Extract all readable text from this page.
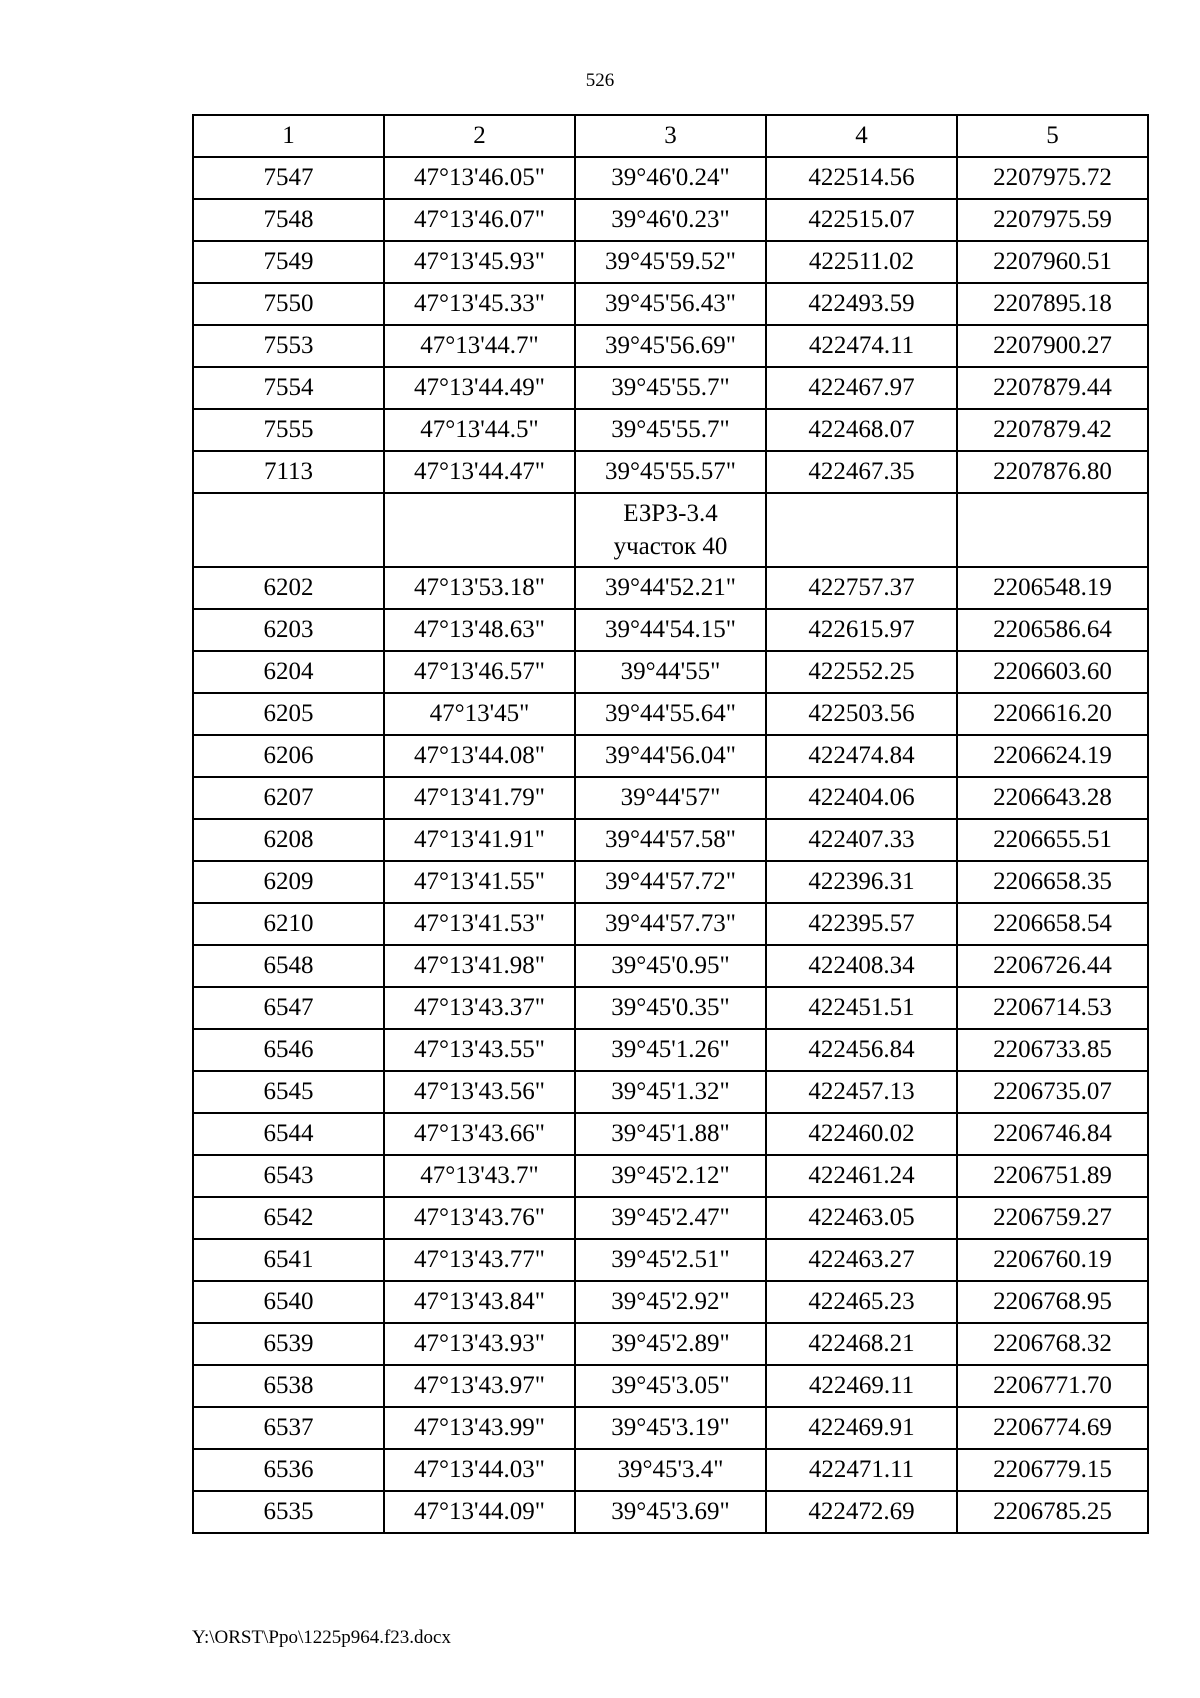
526
1	2	3	4	5
7547	47°13'46.05"	39°46'0.24"	422514.56	2207975.72
7548	47°13'46.07"	39°46'0.23"	422515.07	2207975.59
7549	47°13'45.93"	39°45'59.52"	422511.02	2207960.51
7550	47°13'45.33"	39°45'56.43"	422493.59	2207895.18
7553	47°13'44.7"	39°45'56.69"	422474.11	2207900.27
7554	47°13'44.49"	39°45'55.7"	422467.97	2207879.44
7555	47°13'44.5"	39°45'55.7"	422468.07	2207879.42
7113	47°13'44.47"	39°45'55.57"	422467.35	2207876.80

		ЕЗРЗ-3.4
участок 40		

6202	47°13'53.18"	39°44'52.21"	422757.37	2206548.19
6203	47°13'48.63"	39°44'54.15"	422615.97	2206586.64
6204	47°13'46.57"	39°44'55"	422552.25	2206603.60
6205	47°13'45"	39°44'55.64"	422503.56	2206616.20
6206	47°13'44.08"	39°44'56.04"	422474.84	2206624.19
6207	47°13'41.79"	39°44'57"	422404.06	2206643.28
6208	47°13'41.91"	39°44'57.58"	422407.33	2206655.51
6209	47°13'41.55"	39°44'57.72"	422396.31	2206658.35
6210	47°13'41.53"	39°44'57.73"	422395.57	2206658.54
6548	47°13'41.98"	39°45'0.95"	422408.34	2206726.44
6547	47°13'43.37"	39°45'0.35"	422451.51	2206714.53
6546	47°13'43.55"	39°45'1.26"	422456.84	2206733.85
6545	47°13'43.56"	39°45'1.32"	422457.13	2206735.07
6544	47°13'43.66"	39°45'1.88"	422460.02	2206746.84
6543	47°13'43.7"	39°45'2.12"	422461.24	2206751.89
6542	47°13'43.76"	39°45'2.47"	422463.05	2206759.27
6541	47°13'43.77"	39°45'2.51"	422463.27	2206760.19
6540	47°13'43.84"	39°45'2.92"	422465.23	2206768.95
6539	47°13'43.93"	39°45'2.89"	422468.21	2206768.32
6538	47°13'43.97"	39°45'3.05"	422469.11	2206771.70
6537	47°13'43.99"	39°45'3.19"	422469.91	2206774.69
6536	47°13'44.03"	39°45'3.4"	422471.11	2206779.15
6535	47°13'44.09"	39°45'3.69"	422472.69	2206785.25
Y:\ORST\Ppo\1225p964.f23.docx
